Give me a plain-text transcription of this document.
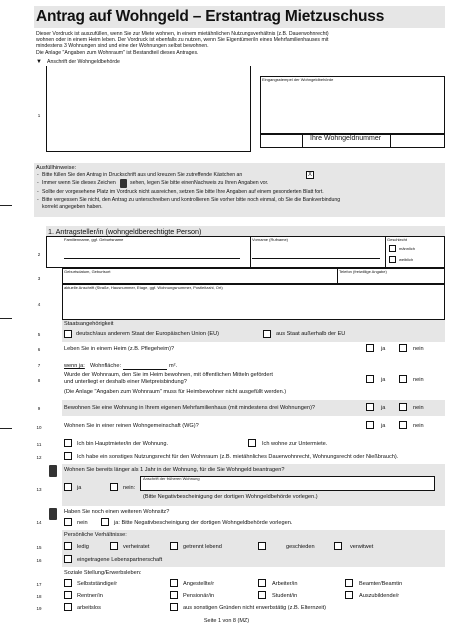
Antrag auf Wohngeld – Erstantrag Mietzuschuss
Dieser Vordruck ist auszufüllen, wenn Sie zur Miete wohnen, in einem mietähnlichen Nutzungsverhältnis (z.B. Dauerwohnrecht)
wohnen oder in einem Heim leben. Der Vordruck ist ebenfalls zu nutzen, wenn Sie Eigentümer/in eines Mehrfamilienhauses mit
mindestens 3 Wohnungen sind und eine der Wohnungen selbst bewohnen.
Die Anlage "Angaben zum Wohnraum" ist Bestandteil dieses Antrages.
▼ Anschrift der Wohngeldbehörde
1
Eingangsstempel der Wohngeldbehörde
Ihre Wohngeldnummer
Ausfüllhinweise:
- Bitte füllen Sie den Antrag in Druckschrift aus und kreuzen Sie zutreffende Kästchen an	X
- Immer wenn Sie dieses Zeichen	sehen, legen Sie bitte einenNachweis zu Ihren Angaben vor.
- Sollte der vorgesehene Platz im Vordruck nicht ausreichen, setzen Sie bitte Ihre Angaben auf einem gesonderten Blatt fort.
- Bitte vergessen Sie nicht, den Antrag zu unterschreiben und kontrollieren Sie vorher bitte noch einmal, ob Sie die Bankverbindung
korrekt angegeben haben.
1. Antragsteller/in (wohngeldberechtigte Person)
Familienname, ggf. Geburtsname	Vorname (Rufname)	Geschlecht
männlich
weiblich
2
Geburtsdatum, Geburtsort	Telefon (freiwillige Angabe)
3
aktuelle Anschrift (Straße, Hausnummer, Etage, ggf. Wohnungsnummer, Postleitzahl, Ort)
4
Staatsangehörigkeit
deutsch/aus anderem Staat der Europäischen Union (EU)	aus Staat außerhalb der EU
5
Leben Sie in einem Heim (z.B. Pflegeheim)?	ja	nein
6
wenn ja: Wohnfläche:	m².
7
Wurde der Wohnraum, den Sie im Heim bewohnen, mit öffentlichen Mitteln gefördert
und unterliegt er deshalb einer Mietpreisbindung?	ja	nein
(Die Anlage "Angaben zum Wohnraum" muss für Heimbewohner nicht ausgefüllt werden.)
8
Bewohnen Sie eine Wohnung in Ihrem eigenen Mehrfamilienhaus (mit mindestens drei Wohnungen)?	ja	nein
9
Wohnen Sie in einer reinen Wohngemeinschaft (WG)?	ja	nein
10
Ich bin Hauptmieter/in der Wohnung.	Ich wohne zur Untermiete.
11
Ich habe ein sonstiges Nutzungsrecht für den Wohnraum (z.B. mietähnliches Dauerwohnrecht, Wohnungsrecht oder Nießbrauch).
12
Wohnen Sie bereits länger als 1 Jahr in der Wohnung, für die Sie Wohngeld beantragen?
ja	nein:
Anschrift der früheren Wohnung
(Bitte Negativbescheinigung der dortigen Wohngeldbehörde vorlegen.)
13
Haben Sie noch einen weiteren Wohnsitz?
nein	ja: Bitte Negativbescheinigung der dortigen Wohngeldbehörde vorlegen.
14
Persönliche Verhältnisse:
ledig	verheiratet	getrennt lebend	geschieden	verwitwet
15
eingetragene Lebenspartnerschaft
16
Soziale Stellung/Erwerbsleben:
Selbstständige/r	Angestellte/r	Arbeiter/in	Beamter/Beamtin
17
Rentner/in	Pensionär/in	Student/in	Auszubildende/r
18
arbeitslos	aus sonstigen Gründen nicht erwerbstätig (z.B. Elternzeit)
19
Seite 1 von 8 (MZ)
